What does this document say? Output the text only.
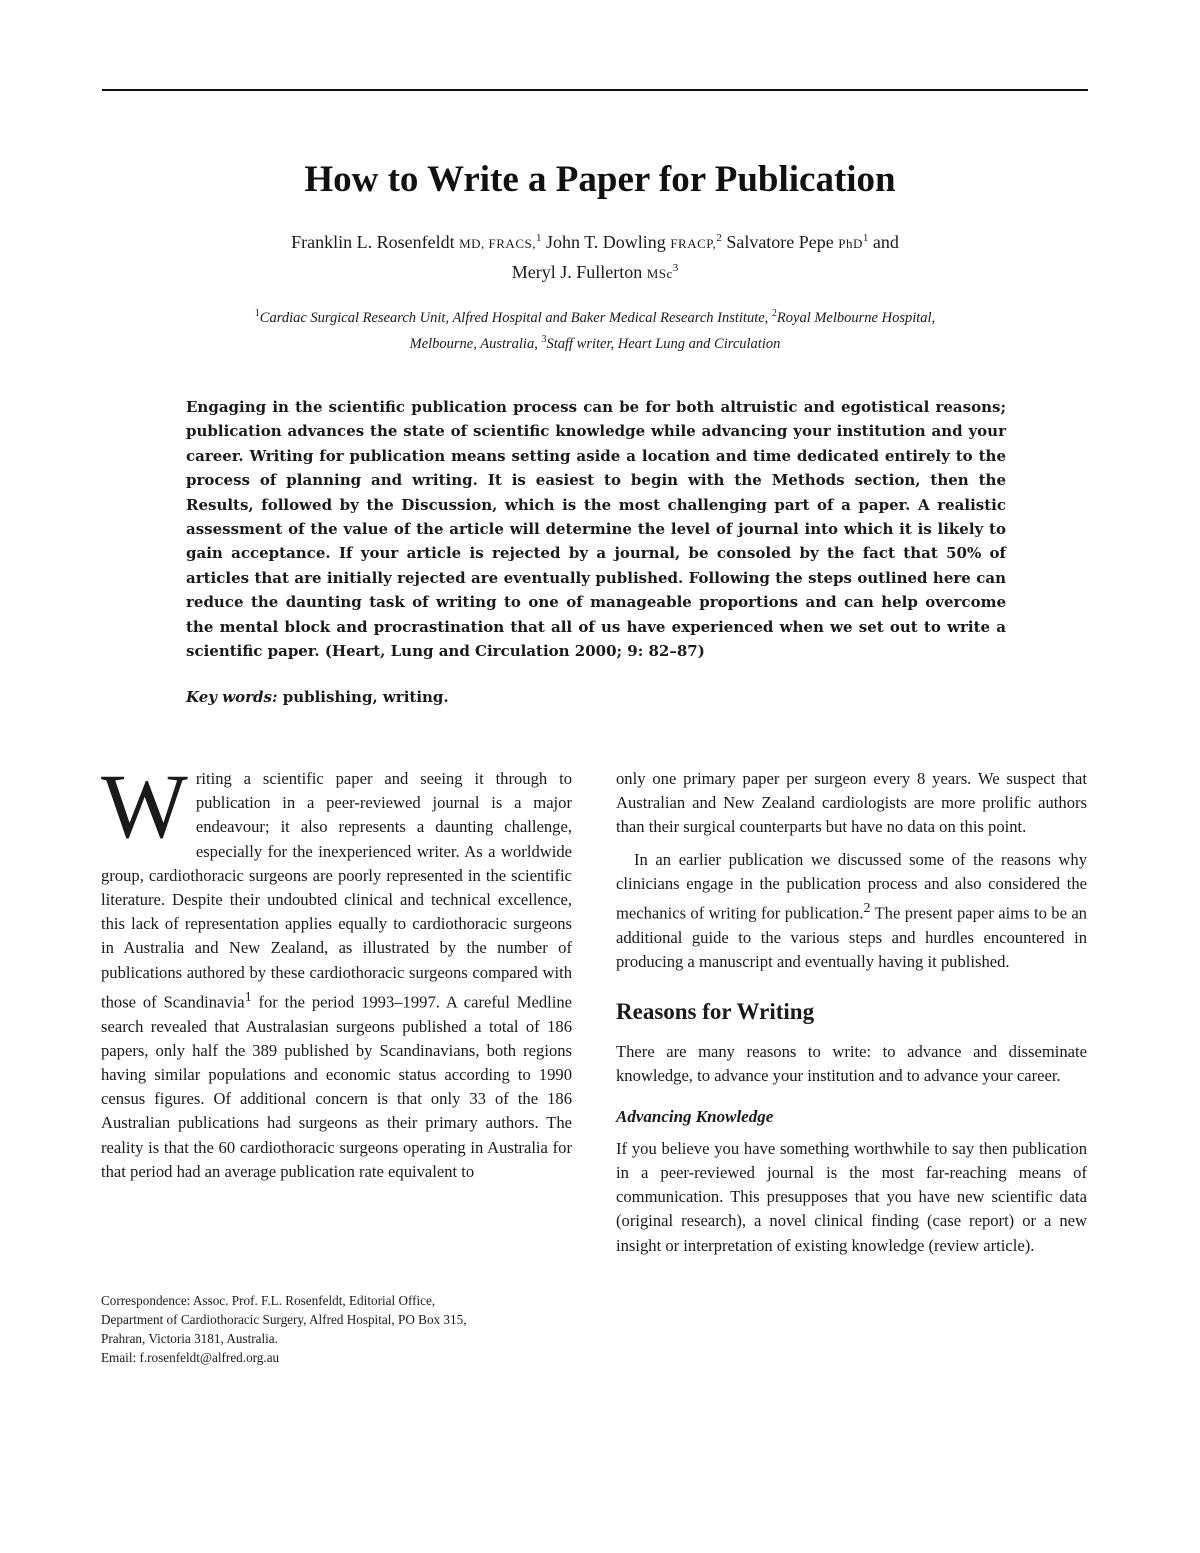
How to Write a Paper for Publication
Franklin L. Rosenfeldt MD, FRACS,$^1$ John T. Dowling FRACP,$^2$ Salvatore Pepe PhD$^1$ and
Meryl J. Fullerton MSc$^3$
$^1$Cardiac Surgical Research Unit, Alfred Hospital and Baker Medical Research Institute, $^2$Royal Melbourne Hospital,
Melbourne, Australia, $^3$Staff writer, Heart Lung and Circulation
Engaging in the scientific publication process can be for both altruistic and egotistical reasons; publication advances the state of scientific knowledge while advancing your institution and your career. Writing for publication means setting aside a location and time dedicated entirely to the process of planning and writing. It is easiest to begin with the Methods section, then the Results, followed by the Discussion, which is the most challenging part of a paper. A realistic assessment of the value of the article will determine the level of journal into which it is likely to gain acceptance. If your article is rejected by a journal, be consoled by the fact that 50% of articles that are initially rejected are eventually published. Following the steps outlined here can reduce the daunting task of writing to one of manageable proportions and can help overcome the mental block and procrastination that all of us have experienced when we set out to write a scientific paper. (Heart, Lung and Circulation 2000; 9: 82–87)
Key words: publishing, writing.

Writing a scientific paper and seeing it through to publication in a peer-reviewed journal is a major endeavour; it also represents a daunting challenge, especially for the inexperienced writer. As a worldwide group, cardiothoracic surgeons are poorly represented in the scientific literature. Despite their undoubted clinical and technical excellence, this lack of representation applies equally to cardiothoracic surgeons in Australia and New Zealand, as illustrated by the number of publications authored by these cardiothoracic surgeons compared with those of Scandinavia$^1$ for the period 1993–1997. A careful Medline search revealed that Australasian surgeons published a total of 186 papers, only half the 389 published by Scandinavians, both regions having similar populations and economic status according to 1990 census figures. Of additional concern is that only 33 of the 186 Australian publications had surgeons as their primary authors. The reality is that the 60 cardiothoracic surgeons operating in Australia for that period had an average publication rate equivalent to

Correspondence: Assoc. Prof. F.L. Rosenfeldt, Editorial Office,
Department of Cardiothoracic Surgery, Alfred Hospital, PO Box 315,
Prahran, Victoria 3181, Australia.
Email: f.rosenfeldt@alfred.org.au

only one primary paper per surgeon every 8 years. We suspect that Australian and New Zealand cardiologists are more prolific authors than their surgical counterparts but have no data on this point.

In an earlier publication we discussed some of the reasons why clinicians engage in the publication process and also considered the mechanics of writing for publication.$^2$ The present paper aims to be an additional guide to the various steps and hurdles encountered in producing a manuscript and eventually having it published.

Reasons for Writing

There are many reasons to write: to advance and disseminate knowledge, to advance your institution and to advance your career.

Advancing Knowledge

If you believe you have something worthwhile to say then publication in a peer-reviewed journal is the most far-reaching means of communication. This presupposes that you have new scientific data (original research), a novel clinical finding (case report) or a new insight or interpretation of existing knowledge (review article).
